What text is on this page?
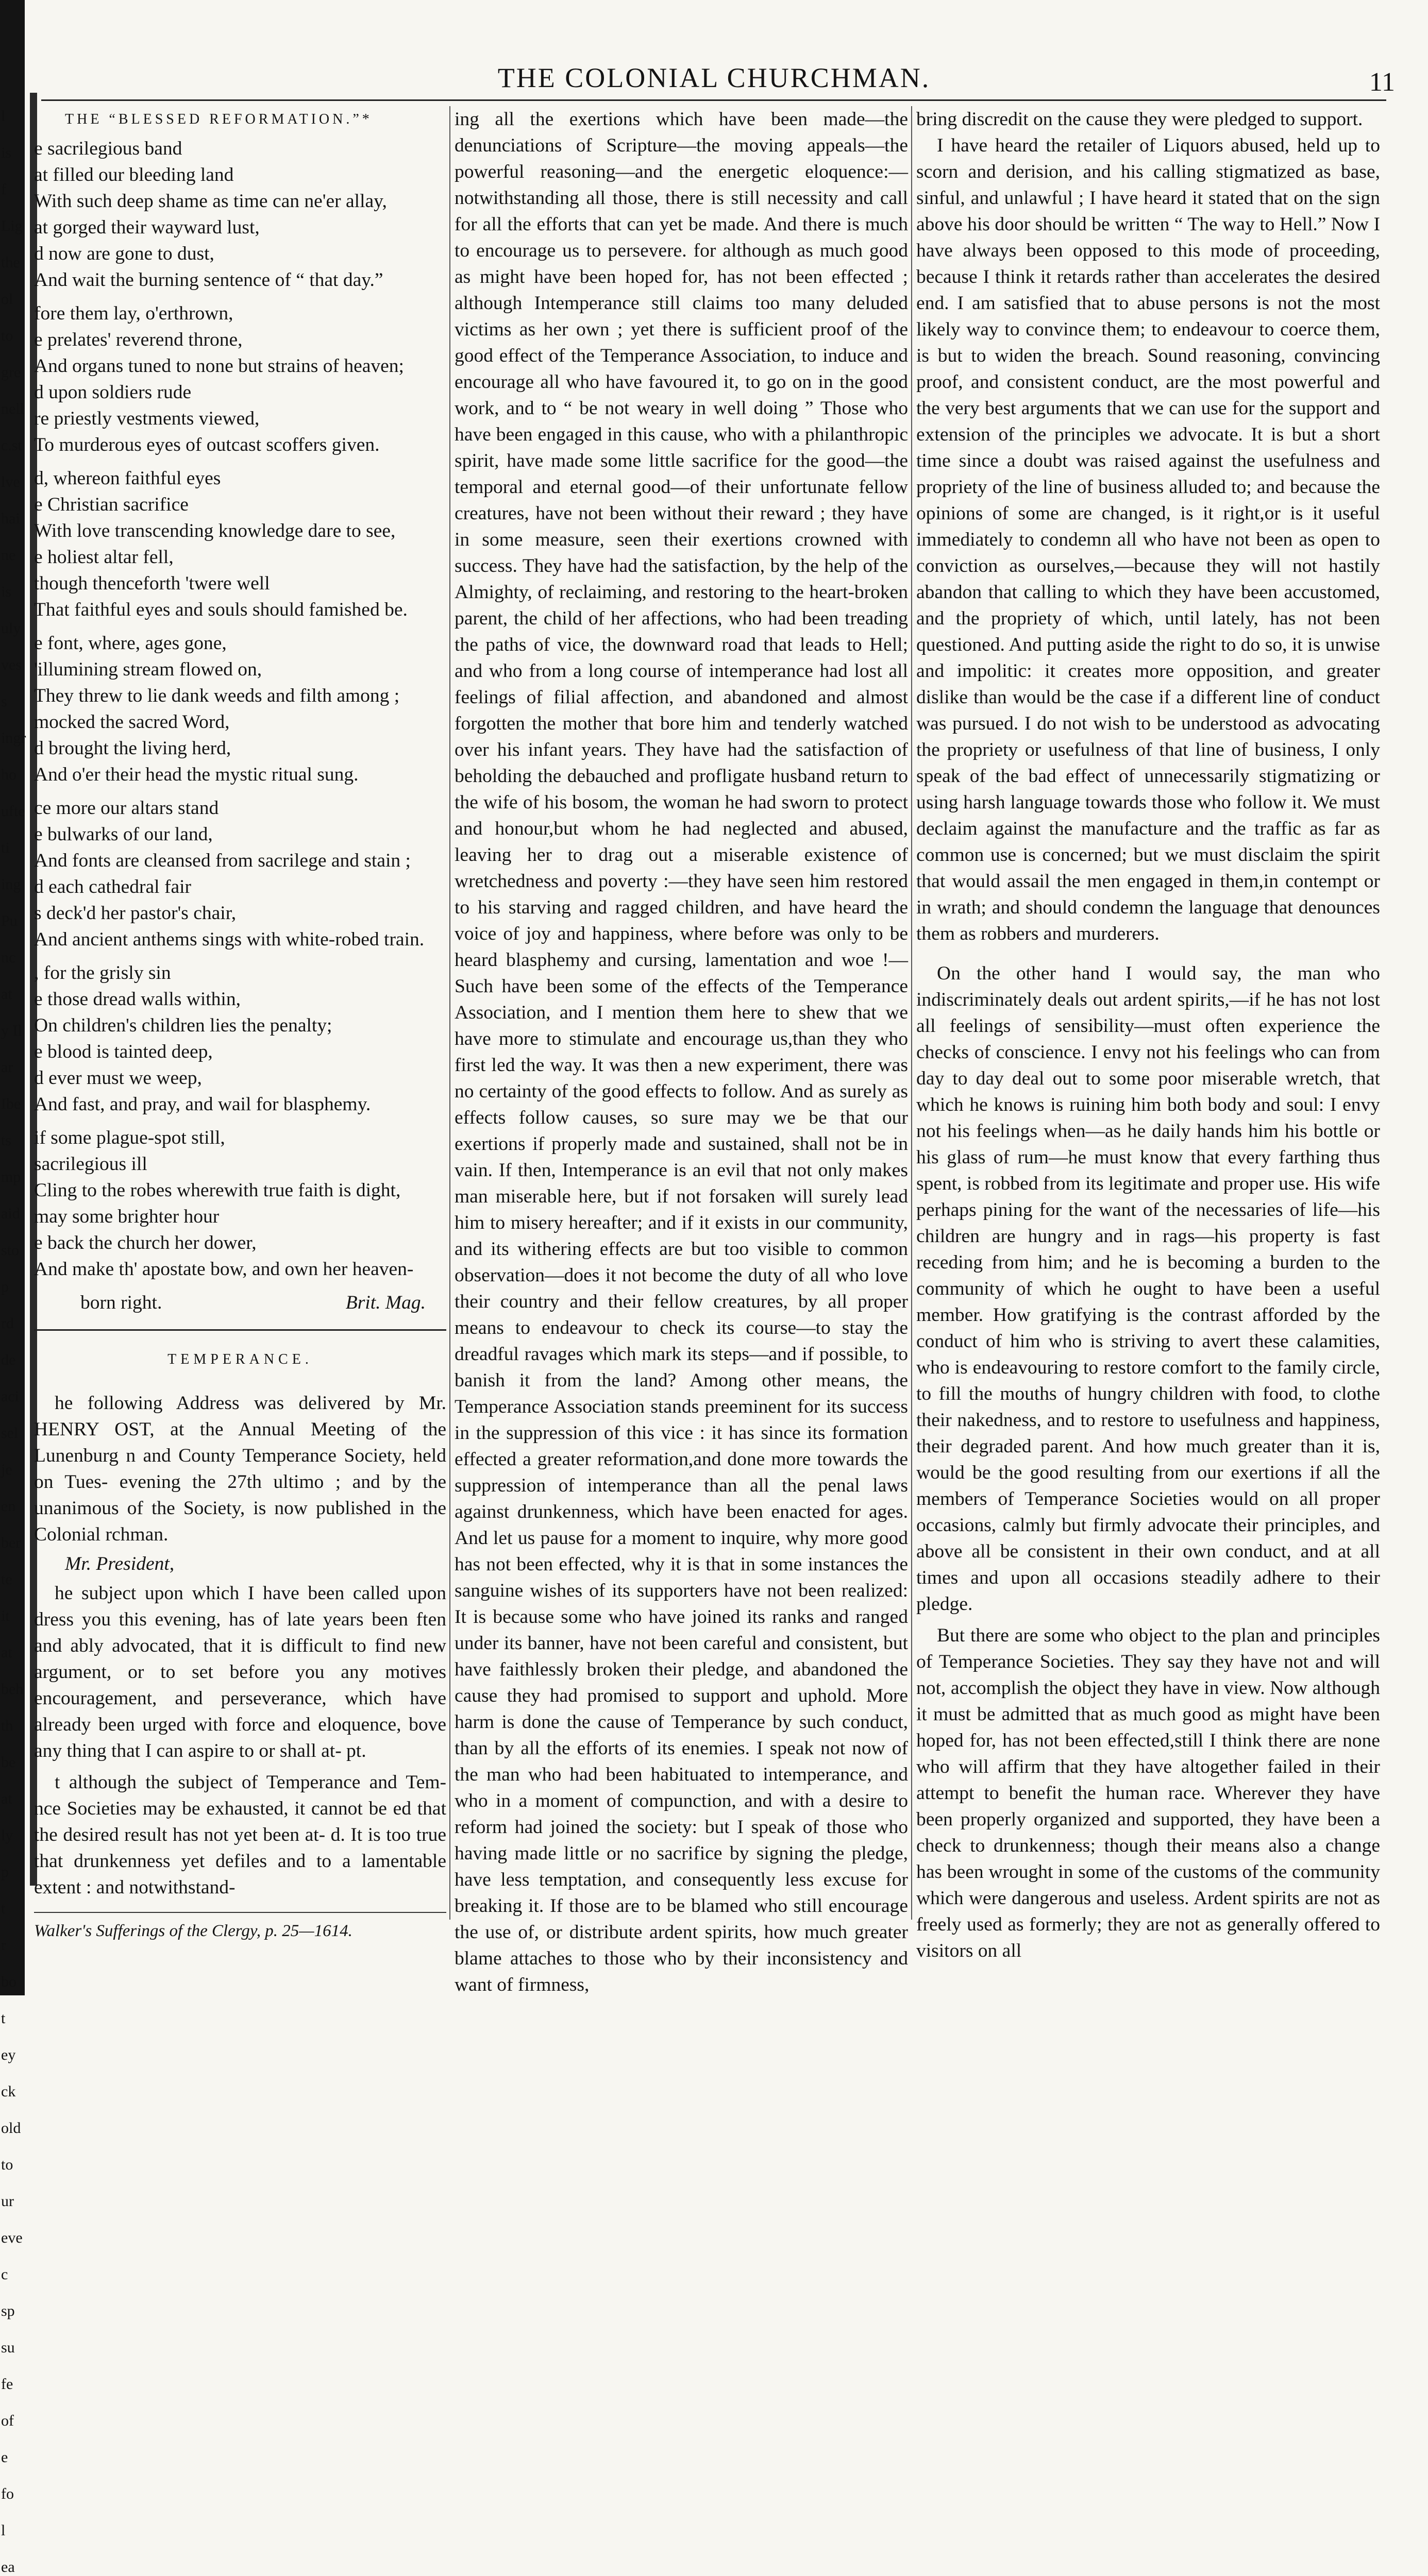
l
is
f
Lig
the
ol
to
gre
nell
c.st
lve
hai
ne
is
uly
ves
s
ingr
ho
ufte
ti
ing
Pu
nc
at
y Il
ar
Ibe
ts
mp
aid
sto
p
rd
de
aci
sel
je
en
ber
te
it
at
beh
th
be
at
ly
p
t
r
bo
t
ey
ck
old
to
ur
eve
c
sp
su
fe
of
e
fo
l
ea
THE COLONIAL CHURCHMAN.	11
THE “BLESSED REFORMATION.”*
e sacrilegious band
at filled our bleeding land
With such deep shame as time can ne'er allay,
at gorged their wayward lust,
d now are gone to dust,
And wait the burning sentence of “ that day.”
fore them lay, o'erthrown,
e prelates' reverend throne,
And organs tuned to none but strains of heaven;
d upon soldiers rude
re priestly vestments viewed,
To murderous eyes of outcast scoffers given.
d, whereon faithful eyes
e Christian sacrifice
With love transcending knowledge dare to see,
e holiest altar fell,
though thenceforth 'twere well
That faithful eyes and souls should famished be.
e font, where, ages gone,
'illumining stream flowed on,
They threw to lie dank weeds and filth among ;
mocked the sacred Word,
d brought the living herd,
And o'er their head the mystic ritual sung.
ce more our altars stand
e bulwarks of our land,
And fonts are cleansed from sacrilege and stain ;
d each cathedral fair
s deck'd her pastor's chair,
And ancient anthems sings with white-robed train.
, for the grisly sin
e those dread walls within,
On children's children lies the penalty;
e blood is tainted deep,
d ever must we weep,
And fast, and pray, and wail for blasphemy.
if some plague-spot still,
sacrilegious ill
Cling to the robes wherewith true faith is dight,
may some brighter hour
e back the church her dower,
And make th' apostate bow, and own her heaven-
born right.	Brit. Mag.
TEMPERANCE.

he following Address was delivered by Mr. HENRY OST, at the Annual Meeting of the Lunenburg n and County Temperance Society, held on Tues- evening the 27th ultimo ; and by the unanimous of the Society, is now published in the Colonial rchman.

Mr. President,

he subject upon which I have been called upon dress you this evening, has of late years been ften and ably advocated, that it is difficult to find new argument, or to set before you any motives encouragement, and perseverance, which have already been urged with force and eloquence, bove any thing that I can aspire to or shall at- pt.

t although the subject of Temperance and Tem- nce Societies may be exhausted, it cannot be ed that the desired result has not yet been at- d. It is too true that drunkenness yet defiles and to a lamentable extent : and notwithstand-

Walker's Sufferings of the Clergy, p. 25—1614.

ing all the exertions which have been made—the denunciations of Scripture—the moving appeals—the powerful reasoning—and the energetic eloquence:—notwithstanding all those, there is still necessity and call for all the efforts that can yet be made. And there is much to encourage us to persevere. for although as much good as might have been hoped for, has not been effected ; although Intemperance still claims too many deluded victims as her own ; yet there is sufficient proof of the good effect of the Temperance Association, to induce and encourage all who have favoured it, to go on in the good work, and to “ be not weary in well doing ” Those who have been engaged in this cause, who with a philanthropic spirit, have made some little sacrifice for the good—the temporal and eternal good—of their unfortunate fellow creatures, have not been without their reward ; they have in some measure, seen their exertions crowned with success. They have had the satisfaction, by the help of the Almighty, of reclaiming, and restoring to the heart-broken parent, the child of her affections, who had been treading the paths of vice, the downward road that leads to Hell; and who from a long course of intemperance had lost all feelings of filial affection, and abandoned and almost forgotten the mother that bore him and tenderly watched over his infant years. They have had the satisfaction of beholding the debauched and profligate husband return to the wife of his bosom, the woman he had sworn to protect and honour,but whom he had neglected and abused, leaving her to drag out a miserable existence of wretchedness and poverty :—they have seen him restored to his starving and ragged children, and have heard the voice of joy and happiness, where before was only to be heard blasphemy and cursing, lamentation and woe !—Such have been some of the effects of the Temperance Association, and I mention them here to shew that we have more to stimulate and encourage us,than they who first led the way. It was then a new experiment, there was no certainty of the good effects to follow. And as surely as effects follow causes, so sure may we be that our exertions if properly made and sustained, shall not be in vain. If then, Intemperance is an evil that not only makes man miserable here, but if not forsaken will surely lead him to misery hereafter; and if it exists in our community, and its withering effects are but too visible to common observation—does it not become the duty of all who love their country and their fellow creatures, by all proper means to endeavour to check its course—to stay the dreadful ravages which mark its steps—and if possible, to banish it from the land? Among other means, the Temperance Association stands preeminent for its success in the suppression of this vice : it has since its formation effected a greater reformation,and done more towards the suppression of intemperance than all the penal laws against drunkenness, which have been enacted for ages. And let us pause for a moment to inquire, why more good has not been effected, why it is that in some instances the sanguine wishes of its supporters have not been realized: It is because some who have joined its ranks and ranged under its banner, have not been careful and consistent, but have faithlessly broken their pledge, and abandoned the cause they had promised to support and uphold. More harm is done the cause of Temperance by such conduct, than by all the efforts of its enemies. I speak not now of the man who had been habituated to intemperance, and who in a moment of compunction, and with a desire to reform had joined the society: but I speak of those who having made little or no sacrifice by signing the pledge, have less temptation, and consequently less excuse for breaking it. If those are to be blamed who still encourage the use of, or distribute ardent spirits, how much greater blame attaches to those who by their inconsistency and want of firmness,

bring discredit on the cause they were pledged to support.

I have heard the retailer of Liquors abused, held up to scorn and derision, and his calling stigmatized as base, sinful, and unlawful ; I have heard it stated that on the sign above his door should be written “ The way to Hell.” Now I have always been opposed to this mode of proceeding, because I think it retards rather than accelerates the desired end. I am satisfied that to abuse persons is not the most likely way to convince them; to endeavour to coerce them, is but to widen the breach. Sound reasoning, convincing proof, and consistent conduct, are the most powerful and the very best arguments that we can use for the support and extension of the principles we advocate. It is but a short time since a doubt was raised against the usefulness and propriety of the line of business alluded to; and because the opinions of some are changed, is it right,or is it useful immediately to condemn all who have not been as open to conviction as ourselves,—because they will not hastily abandon that calling to which they have been accustomed, and the propriety of which, until lately, has not been questioned. And putting aside the right to do so, it is unwise and impolitic: it creates more opposition, and greater dislike than would be the case if a different line of conduct was pursued. I do not wish to be understood as advocating the propriety or usefulness of that line of business, I only speak of the bad effect of unnecessarily stigmatizing or using harsh language towards those who follow it. We must declaim against the manufacture and the traffic as far as common use is concerned; but we must disclaim the spirit that would assail the men engaged in them,in contempt or in wrath; and should condemn the language that denounces them as robbers and murderers.

On the other hand I would say, the man who indiscriminately deals out ardent spirits,—if he has not lost all feelings of sensibility—must often experience the checks of conscience. I envy not his feelings who can from day to day deal out to some poor miserable wretch, that which he knows is ruining him both body and soul: I envy not his feelings when—as he daily hands him his bottle or his glass of rum—he must know that every farthing thus spent, is robbed from its legitimate and proper use. His wife perhaps pining for the want of the necessaries of life—his children are hungry and in rags—his property is fast receding from him; and he is becoming a burden to the community of which he ought to have been a useful member. How gratifying is the contrast afforded by the conduct of him who is striving to avert these calamities, who is endeavouring to restore comfort to the family circle, to fill the mouths of hungry children with food, to clothe their nakedness, and to restore to usefulness and happiness, their degraded parent. And how much greater than it is, would be the good resulting from our exertions if all the members of Temperance Societies would on all proper occasions, calmly but firmly advocate their principles, and above all be consistent in their own conduct, and at all times and upon all occasions steadily adhere to their pledge.

But there are some who object to the plan and principles of Temperance Societies. They say they have not and will not, accomplish the object they have in view. Now although it must be admitted that as much good as might have been hoped for, has not been effected,still I think there are none who will affirm that they have altogether failed in their attempt to benefit the human race. Wherever they have been properly organized and supported, they have been a check to drunkenness; though their means also a change has been wrought in some of the customs of the community which were dangerous and useless. Ardent spirits are not as freely used as formerly; they are not as generally offered to visitors on all
